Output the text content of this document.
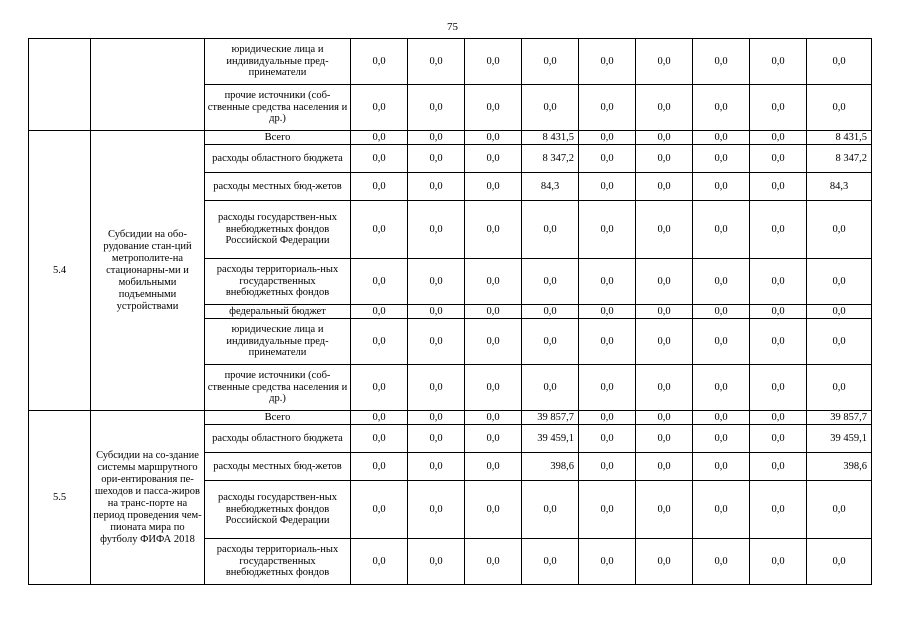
75
		юридические лица и индивидуальные пред-принематели	0,0	0,0	0,0	0,0	0,0	0,0	0,0	0,0	0,0
		прочие источники (соб-ственные средства населения и др.)	0,0	0,0	0,0	0,0	0,0	0,0	0,0	0,0	0,0
5.4	Субсидии на обо-рудование стан-ций метрополите-на стационарны-ми и мобильными подъемными устройствами	Всего	0,0	0,0	0,0	8 431,5	0,0	0,0	0,0	0,0	8 431,5
		расходы областного бюджета	0,0	0,0	0,0	8 347,2	0,0	0,0	0,0	0,0	8 347,2
		расходы местных бюд-жетов	0,0	0,0	0,0	84,3	0,0	0,0	0,0	0,0	84,3
		расходы государствен-ных внебюджетных фондов Российской Федерации	0,0	0,0	0,0	0,0	0,0	0,0	0,0	0,0	0,0
		расходы территориаль-ных государственных внебюджетных фондов	0,0	0,0	0,0	0,0	0,0	0,0	0,0	0,0	0,0
		федеральный бюджет	0,0	0,0	0,0	0,0	0,0	0,0	0,0	0,0	0,0
		юридические лица и индивидуальные пред-принематели	0,0	0,0	0,0	0,0	0,0	0,0	0,0	0,0	0,0
		прочие источники (соб-ственные средства населения и др.)	0,0	0,0	0,0	0,0	0,0	0,0	0,0	0,0	0,0
5.5	Субсидии на со-здание системы маршрутного ори-ентирования пе-шеходов и пасса-жиров на транс-порте на период проведения чем-пионата мира по футболу ФИФА 2018	Всего	0,0	0,0	0,0	39 857,7	0,0	0,0	0,0	0,0	39 857,7
		расходы областного бюджета	0,0	0,0	0,0	39 459,1	0,0	0,0	0,0	0,0	39 459,1
		расходы местных бюд-жетов	0,0	0,0	0,0	398,6	0,0	0,0	0,0	0,0	398,6
		расходы государствен-ных внебюджетных фондов Российской Федерации	0,0	0,0	0,0	0,0	0,0	0,0	0,0	0,0	0,0
		расходы территориаль-ных государственных внебюджетных фондов	0,0	0,0	0,0	0,0	0,0	0,0	0,0	0,0	0,0
